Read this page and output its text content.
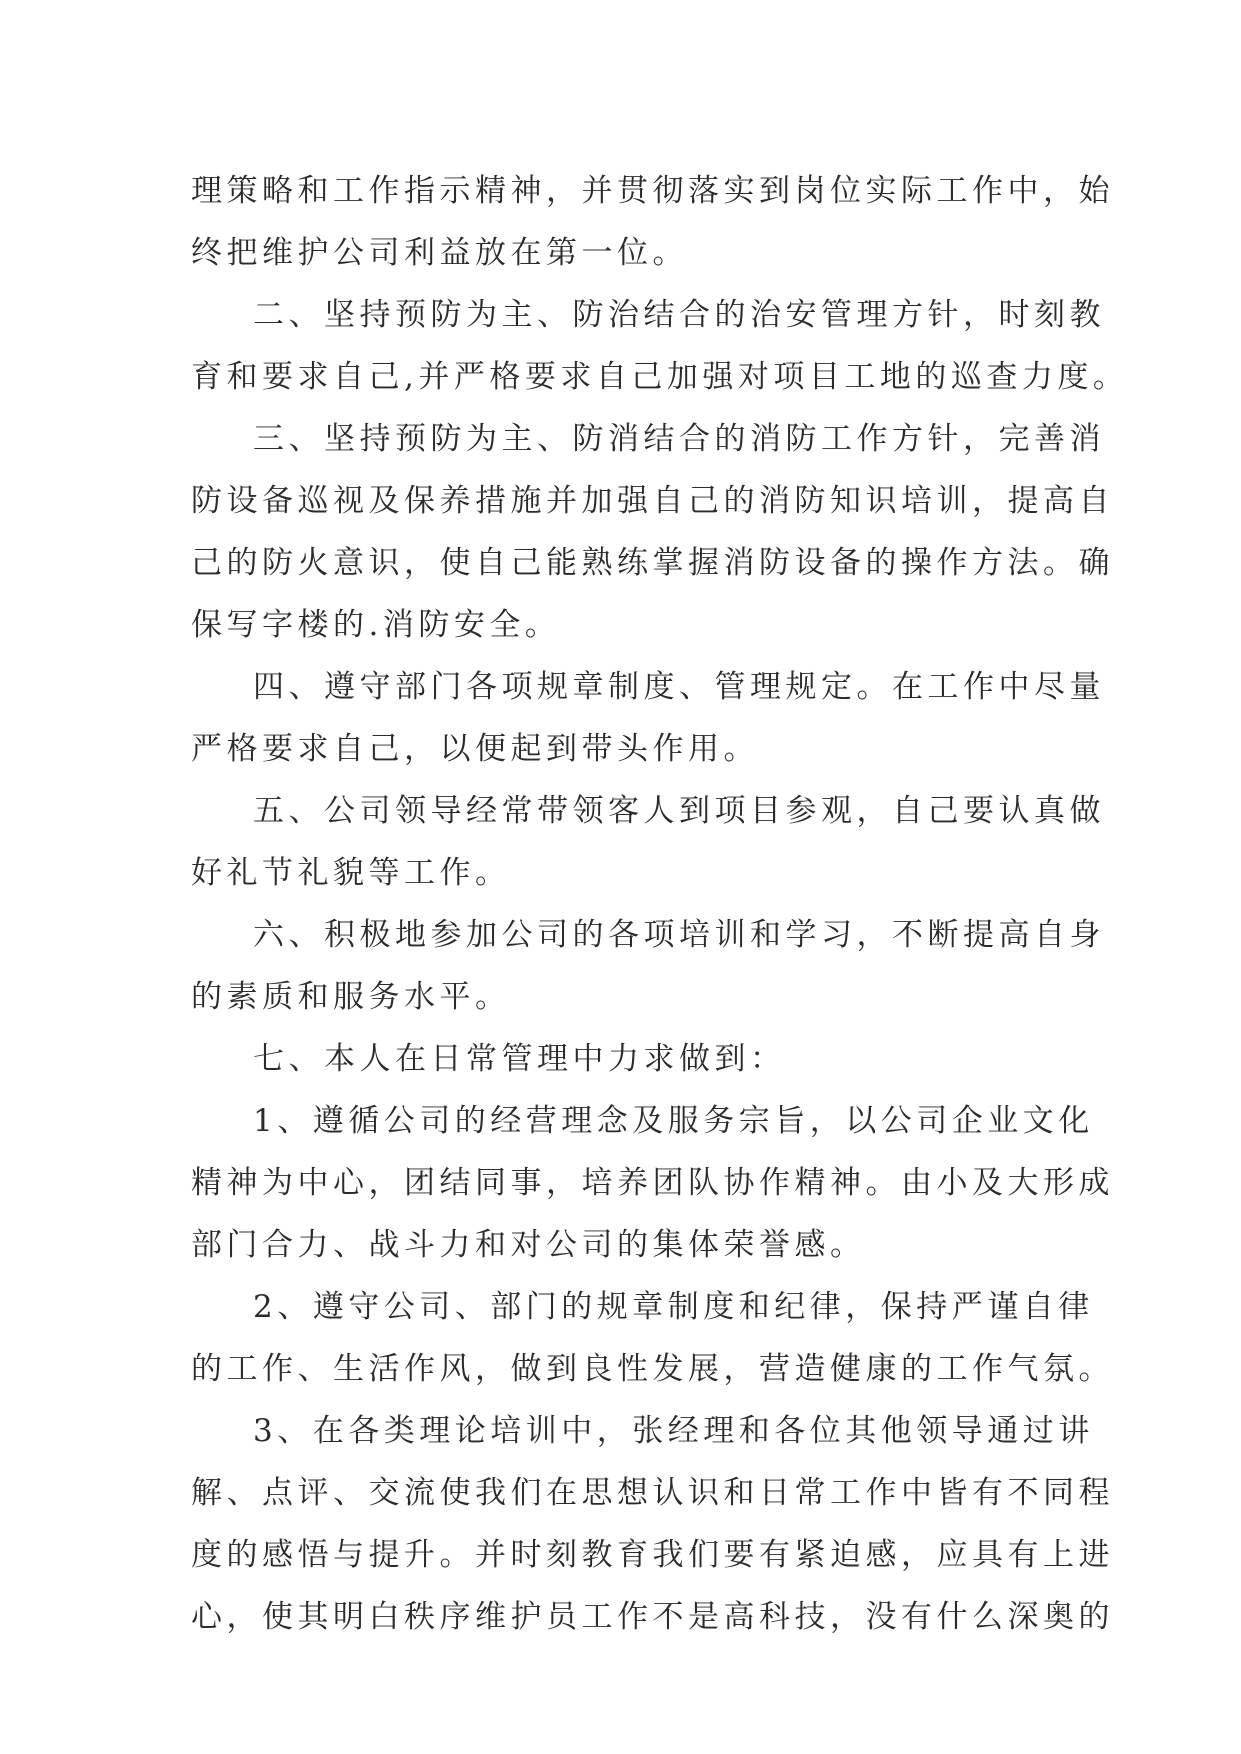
理策略和工作指示精神，并贯彻落实到岗位实际工作中，始
终把维护公司利益放在第一位。
二、坚持预防为主、防治结合的治安管理方针，时刻教
育和要求自己,并严格要求自己加强对项目工地的巡查力度。
三、坚持预防为主、防消结合的消防工作方针，完善消
防设备巡视及保养措施并加强自己的消防知识培训，提高自
己的防火意识，使自己能熟练掌握消防设备的操作方法。确
保写字楼的.消防安全。
四、遵守部门各项规章制度、管理规定。在工作中尽量
严格要求自己，以便起到带头作用。
五、公司领导经常带领客人到项目参观，自己要认真做
好礼节礼貌等工作。
六、积极地参加公司的各项培训和学习，不断提高自身
的素质和服务水平。
七、本人在日常管理中力求做到：
1、遵循公司的经营理念及服务宗旨，以公司企业文化
精神为中心，团结同事，培养团队协作精神。由小及大形成
部门合力、战斗力和对公司的集体荣誉感。
2、遵守公司、部门的规章制度和纪律，保持严谨自律
的工作、生活作风，做到良性发展，营造健康的工作气氛。
3、在各类理论培训中，张经理和各位其他领导通过讲
解、点评、交流使我们在思想认识和日常工作中皆有不同程
度的感悟与提升。并时刻教育我们要有紧迫感，应具有上进
心，使其明白秩序维护员工作不是高科技，没有什么深奥的
